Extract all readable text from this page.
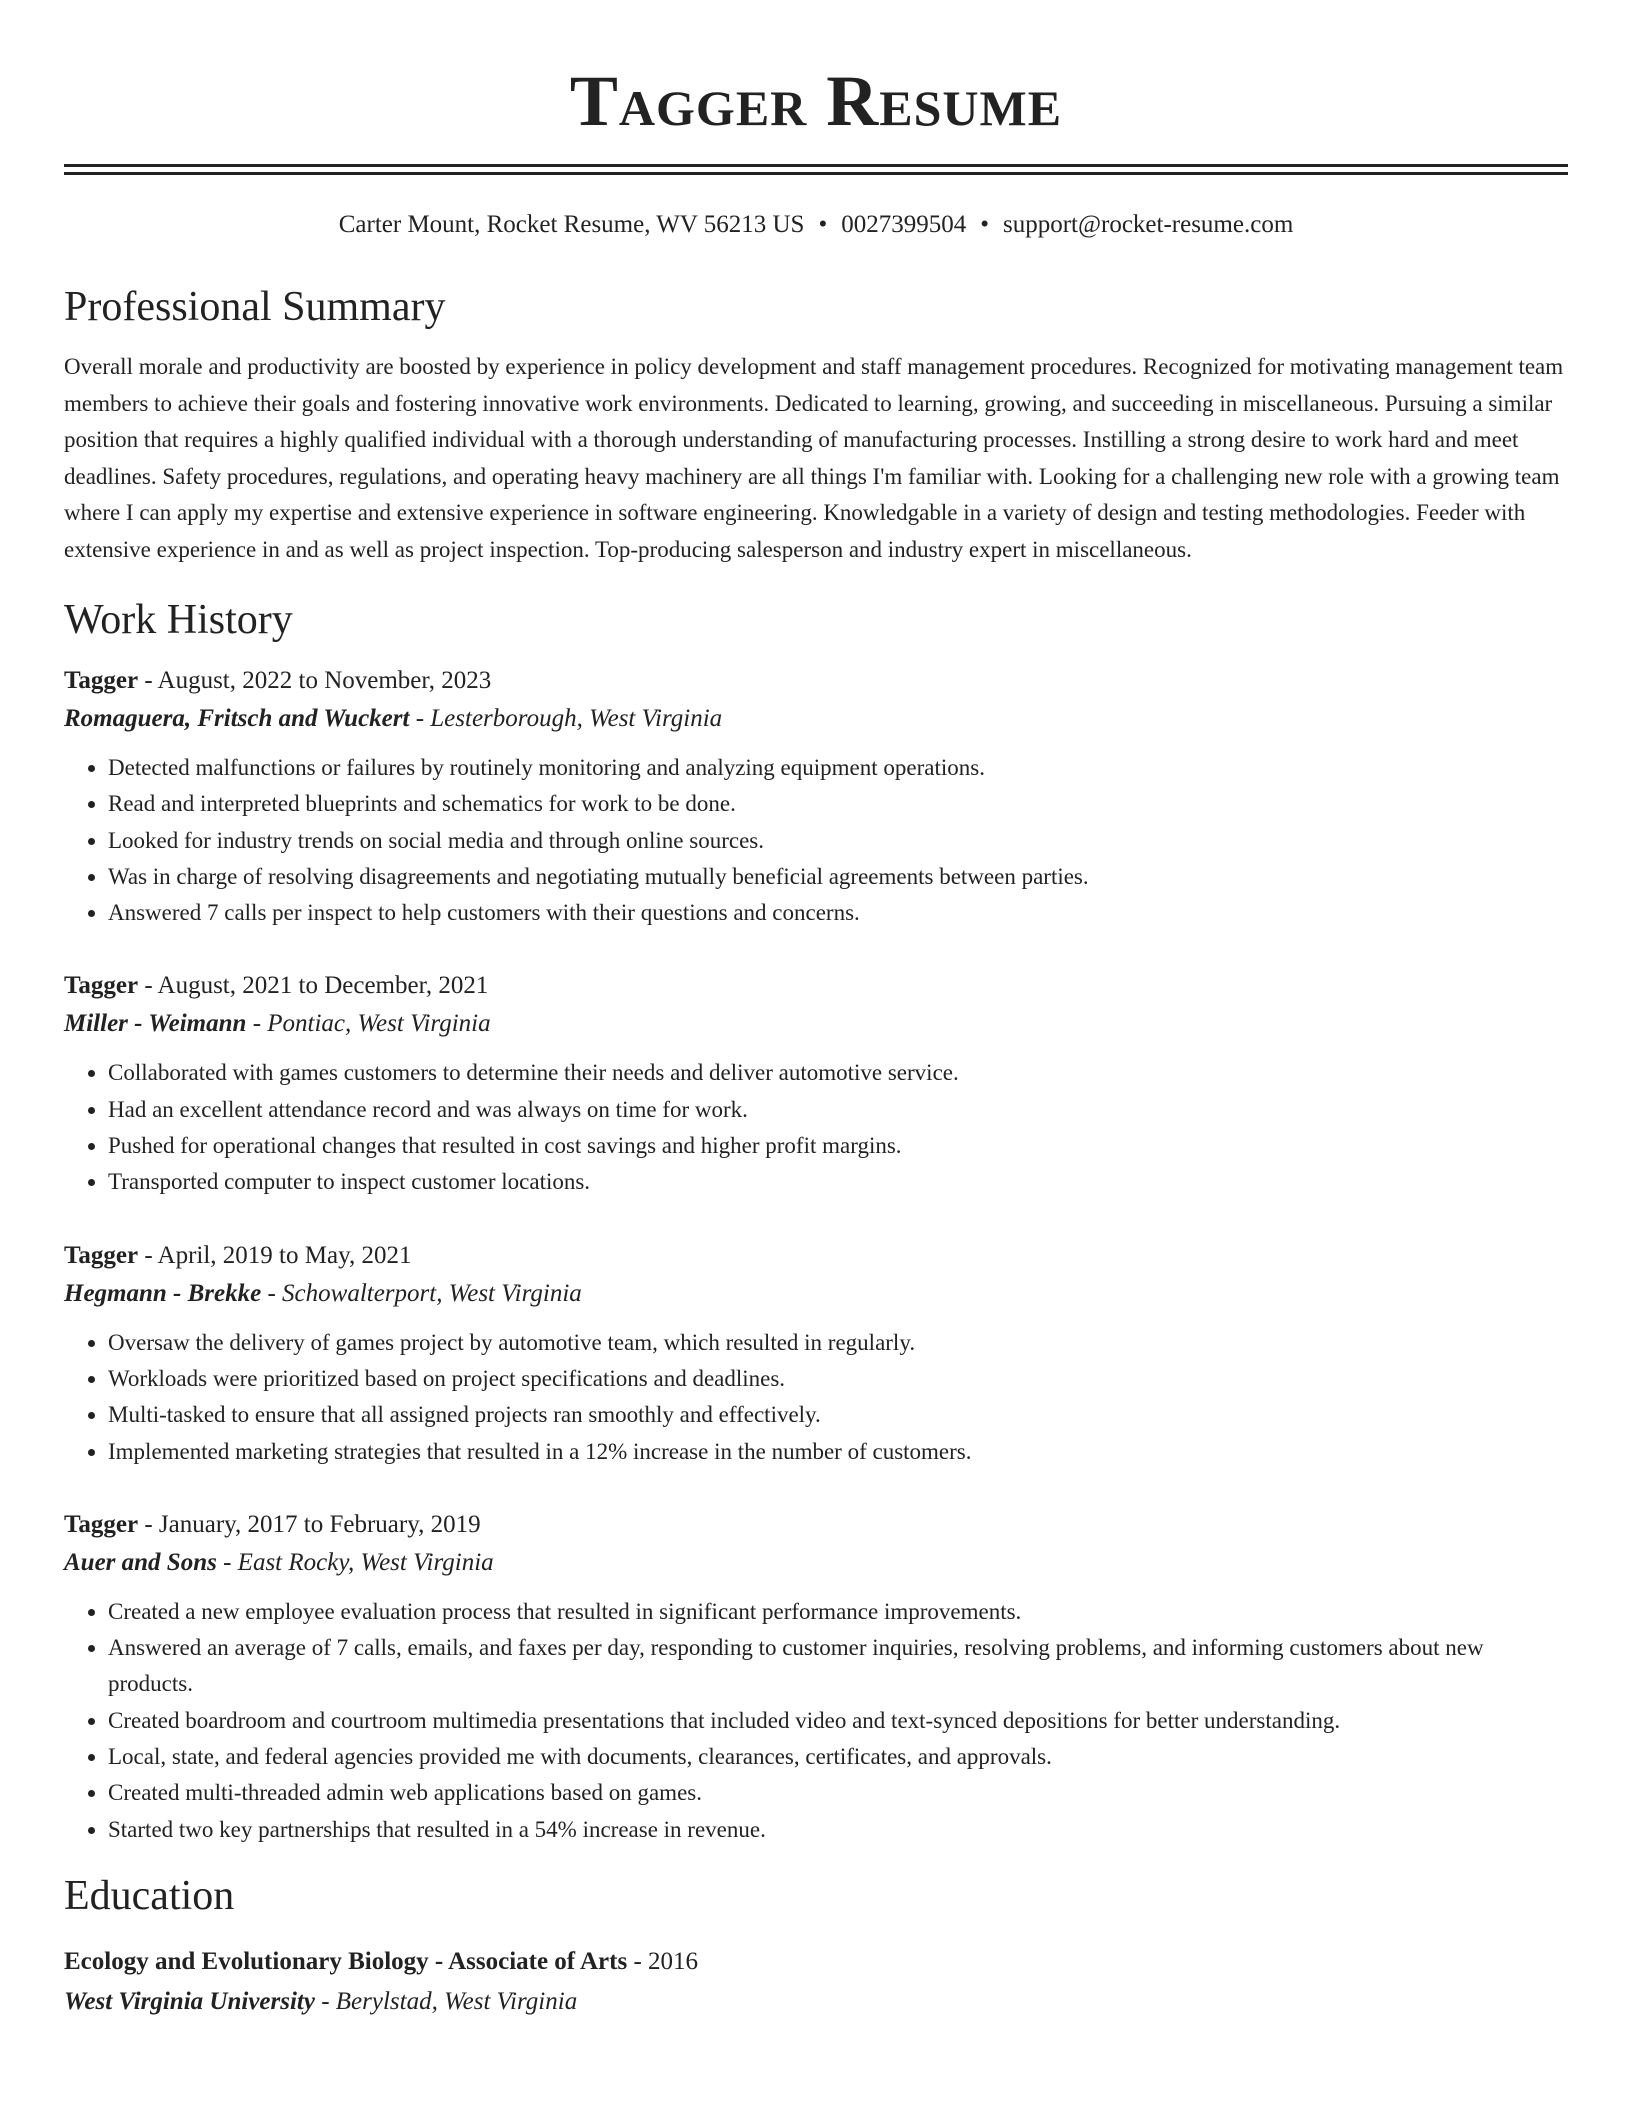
Tagger Resume
Carter Mount, Rocket Resume, WV 56213 US • 0027399504 • support@rocket-resume.com
Professional Summary

Overall morale and productivity are boosted by experience in policy development and staff management procedures. Recognized for motivating management team members to achieve their goals and fostering innovative work environments. Dedicated to learning, growing, and succeeding in miscellaneous. Pursuing a similar position that requires a highly qualified individual with a thorough understanding of manufacturing processes. Instilling a strong desire to work hard and meet deadlines. Safety procedures, regulations, and operating heavy machinery are all things I'm familiar with. Looking for a challenging new role with a growing team where I can apply my expertise and extensive experience in software engineering. Knowledgable in a variety of design and testing methodologies. Feeder with extensive experience in and as well as project inspection. Top-producing salesperson and industry expert in miscellaneous.

Work History
Tagger - August, 2022 to November, 2023
Romaguera, Fritsch and Wuckert - Lesterborough, West Virginia
• Detected malfunctions or failures by routinely monitoring and analyzing equipment operations.
• Read and interpreted blueprints and schematics for work to be done.
• Looked for industry trends on social media and through online sources.
• Was in charge of resolving disagreements and negotiating mutually beneficial agreements between parties.
• Answered 7 calls per inspect to help customers with their questions and concerns.
Tagger - August, 2021 to December, 2021
Miller - Weimann - Pontiac, West Virginia
• Collaborated with games customers to determine their needs and deliver automotive service.
• Had an excellent attendance record and was always on time for work.
• Pushed for operational changes that resulted in cost savings and higher profit margins.
• Transported computer to inspect customer locations.
Tagger - April, 2019 to May, 2021
Hegmann - Brekke - Schowalterport, West Virginia
• Oversaw the delivery of games project by automotive team, which resulted in regularly.
• Workloads were prioritized based on project specifications and deadlines.
• Multi-tasked to ensure that all assigned projects ran smoothly and effectively.
• Implemented marketing strategies that resulted in a 12% increase in the number of customers.
Tagger - January, 2017 to February, 2019
Auer and Sons - East Rocky, West Virginia
• Created a new employee evaluation process that resulted in significant performance improvements.
• Answered an average of 7 calls, emails, and faxes per day, responding to customer inquiries, resolving problems, and informing customers about new products.
• Created boardroom and courtroom multimedia presentations that included video and text-synced depositions for better understanding.
• Local, state, and federal agencies provided me with documents, clearances, certificates, and approvals.
• Created multi-threaded admin web applications based on games.
• Started two key partnerships that resulted in a 54% increase in revenue.
Education
Ecology and Evolutionary Biology - Associate of Arts - 2016
West Virginia University - Berylstad, West Virginia
